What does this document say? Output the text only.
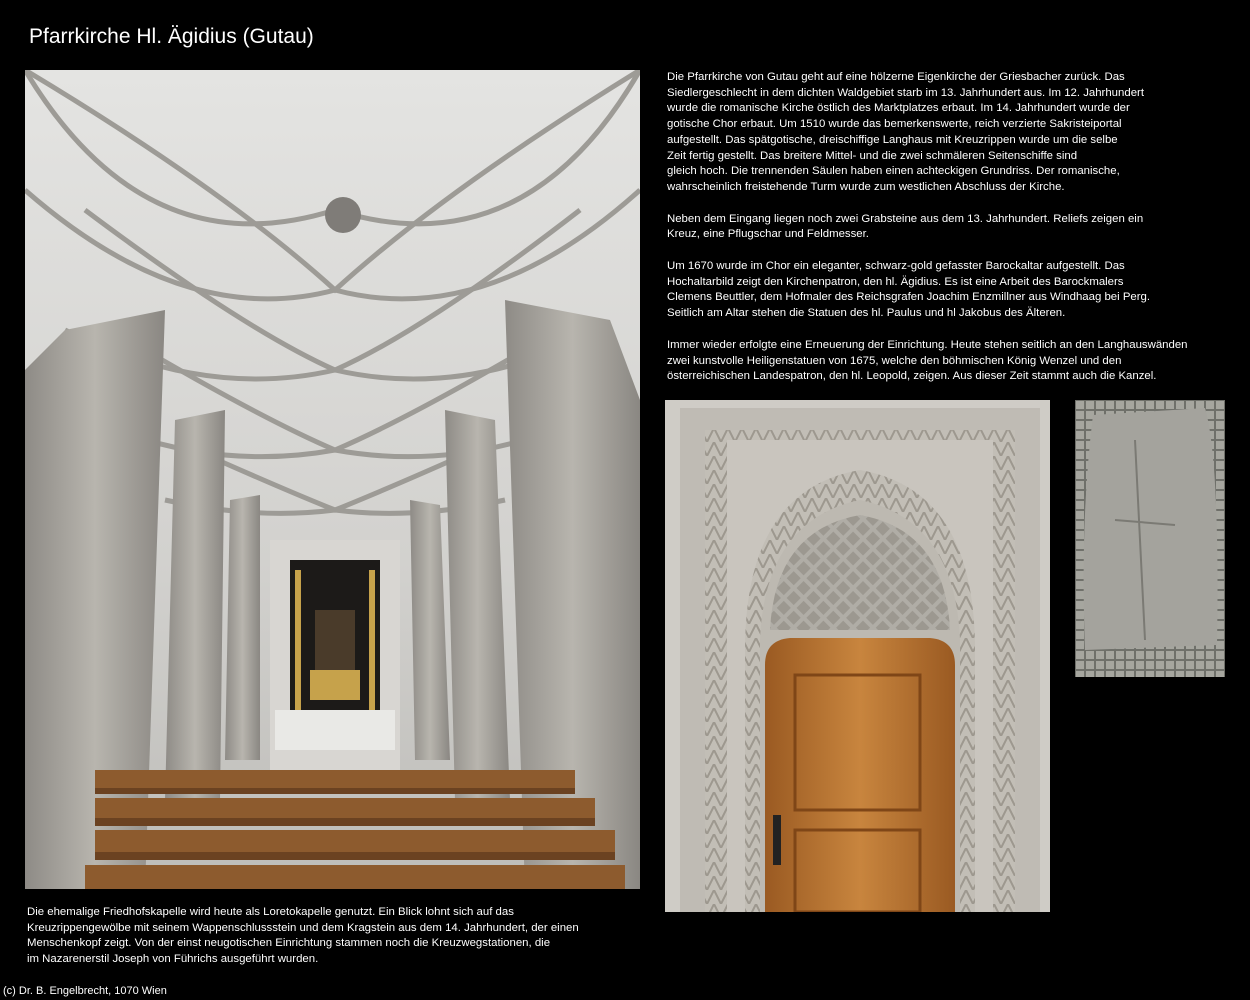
Pfarrkirche Hl. Ägidius (Gutau)

Die Pfarrkirche von Gutau geht auf eine hölzerne Eigenkirche der Griesbacher zurück. Das
Siedlergeschlecht in dem dichten Waldgebiet starb im 13. Jahrhundert aus. Im 12. Jahrhundert
wurde die romanische Kirche östlich des Marktplatzes erbaut. Im 14. Jahrhundert wurde der
gotische Chor erbaut. Um 1510 wurde das bemerkenswerte, reich verzierte Sakristeiportal
aufgestellt. Das spätgotische, dreischiffige Langhaus mit Kreuzrippen wurde um die selbe
Zeit fertig gestellt. Das breitere Mittel- und die zwei schmäleren Seitenschiffe sind
gleich hoch. Die trennenden Säulen haben einen achteckigen Grundriss. Der romanische,
wahrscheinlich freistehende Turm wurde zum westlichen Abschluss der Kirche.

Neben dem Eingang liegen noch zwei Grabsteine aus dem 13. Jahrhundert. Reliefs zeigen ein
Kreuz, eine Pflugschar und Feldmesser.

Um 1670 wurde im Chor ein eleganter, schwarz-gold gefasster Barockaltar aufgestellt. Das
Hochaltarbild zeigt den Kirchenpatron, den hl. Ägidius. Es ist eine Arbeit des Barockmalers
Clemens Beuttler, dem Hofmaler des Reichsgrafen Joachim Enzmillner aus Windhaag bei Perg.
Seitlich am Altar stehen die Statuen des hl. Paulus und hl Jakobus des Älteren.

Immer wieder erfolgte eine Erneuerung der Einrichtung. Heute stehen seitlich an den Langhauswänden
zwei kunstvolle Heiligenstatuen von 1675, welche den böhmischen König Wenzel und den
österreichischen Landespatron, den hl. Leopold, zeigen. Aus dieser Zeit stammt auch die Kanzel.

Die ehemalige Friedhofskapelle wird heute als Loretokapelle genutzt. Ein Blick lohnt sich auf das
Kreuzrippengewölbe mit seinem Wappenschlussstein und dem Kragstein aus dem 14. Jahrhundert, der einen
Menschenkopf zeigt. Von der einst neugotischen Einrichtung stammen noch die Kreuzwegstationen, die
im Nazarenerstil Joseph von Führichs ausgeführt wurden.

(c) Dr. B. Engelbrecht, 1070 Wien
